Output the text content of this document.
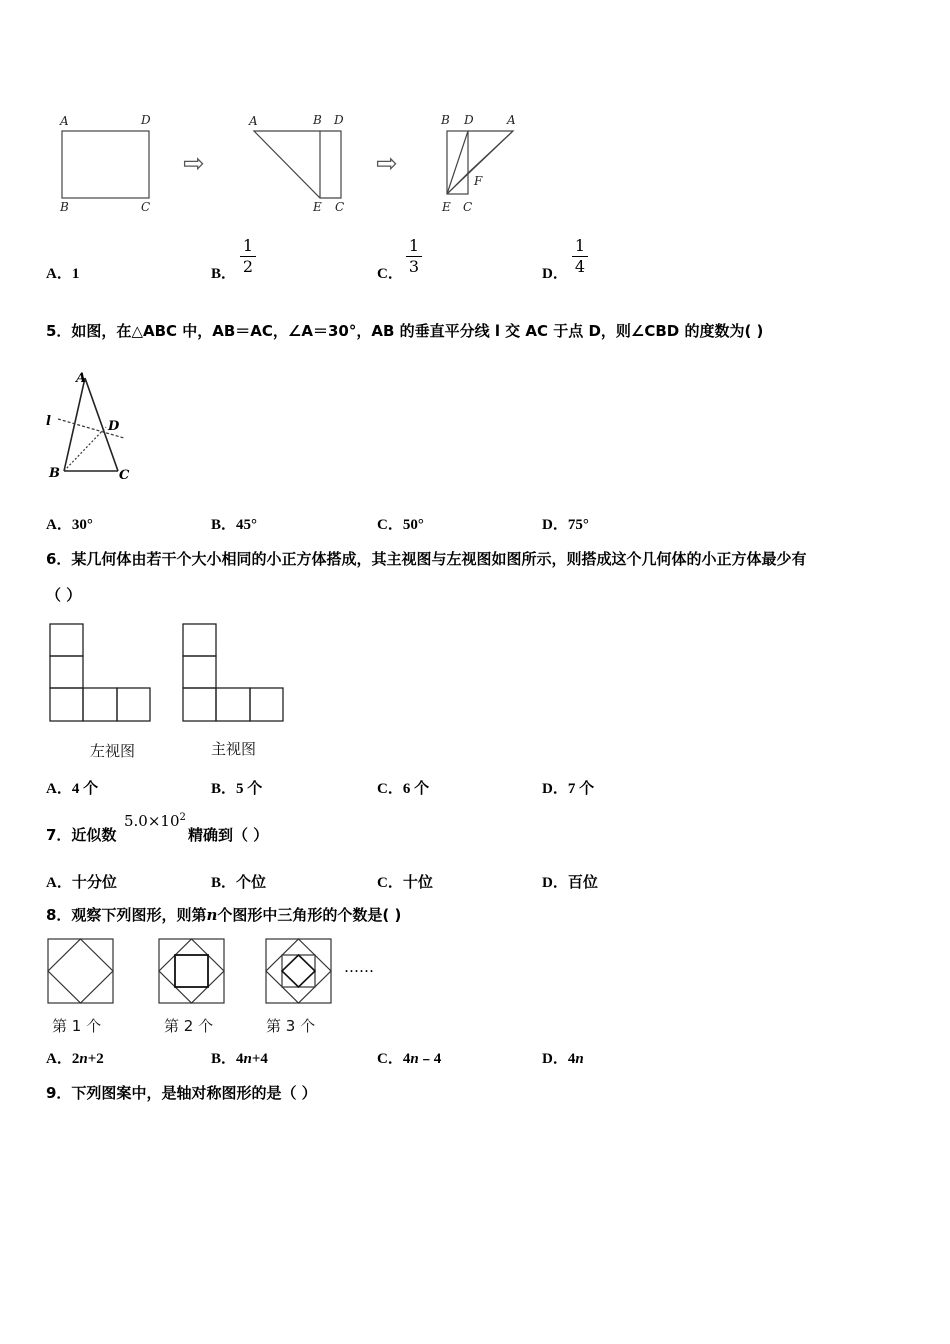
A	D
B	C
⇨
A	B D
E C
⇨
B D	A
F
E C
A．1	B．
1
2	C．
1
3	D．
1
4
5．如图，在△ABC 中，AB＝AC，∠A＝30°，AB 的垂直平分线 l 交 AC 于点 D，则∠CBD 的度数为( )
A
l	D
B	C
A．30°	B．45°	C．50°	D．75°
6．某几何体由若干个大小相同的小正方体搭成，其主视图与左视图如图所示，则搭成这个几何体的小正方体最少有
（ ）
左视图	主视图
A．4 个	B．5 个	C．6 个	D．7 个
7．近似数
$5.0\times 10^2$
精确到（ ）
A．十分位	B．个位	C．十位	D．百位
8．观察下列图形，则第n个图形中三角形的个数是( )
……
第 1 个	第 2 个	第 3 个
A．2n+2	B．4n+4	C．4n﹣4	D．4n
9．下列图案中，是轴对称图形的是（ ）
